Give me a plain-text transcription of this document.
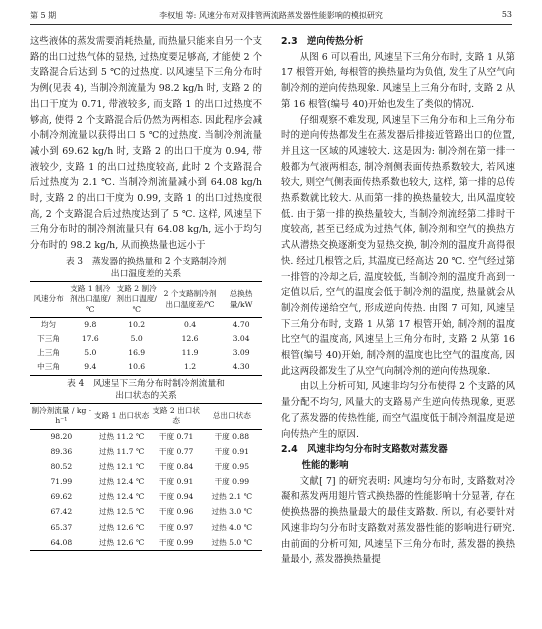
第 5 期	李权旭 等: 风速分布对双排管两流路蒸发器性能影响的模拟研究	53

这些液体的蒸发需要消耗热量, 而热量只能来自另一个支路的出口过热气体的显热, 过热度要足够高, 才能使 2 个支路混合后达到 5 ℃的过热度. 以风速呈下三角分布时为例(见表 4), 当制冷剂流量为 98.2 kg/h 时, 支路 2 的出口干度为 0.71, 带液较多, 而支路 1 的出口过热度不够高, 使得 2 个支路混合后仍然为两相态. 因此程序会减小制冷剂流量以获得出口 5 ℃的过热度. 当制冷剂流量减小到 69.62 kg/h 时, 支路 2 的出口干度为 0.94, 带液较少, 支路 1 的出口过热度较高, 此时 2 个支路混合后过热度为 2.1 ℃. 当制冷剂流量减小到 64.08 kg/h 时, 支路 2 的出口干度为 0.99, 支路 1 的出口过热度很高, 2 个支路混合后过热度达到了 5 ℃. 这样, 风速呈下三角分布时的制冷剂流量只有 64.08 kg/h, 远小于均匀分布时的 98.2 kg/h, 从而换热量也远小于

表 3　蒸发器的换热量和 2 个支路制冷剂
出口温度差的关系
风速分布	支路 1 制冷剂出口温度/℃	支路 2 制冷剂出口温度/℃	2 个支路制冷剂出口温度差/℃	总换热量/kW
均匀	9.8	10.2	0.4	4.70
下三角	17.6	5.0	12.6	3.04
上三角	5.0	16.9	11.9	3.09
中三角	9.4	10.6	1.2	4.30
表 4　风速呈下三角分布时制冷剂流量和
出口状态的关系
制冷剂流量 / kg · h⁻¹	支路 1 出口状态	支路 2 出口状态	总出口状态
98.20	过热 11.2 ℃	干度 0.71	干度 0.88
89.36	过热 11.7 ℃	干度 0.77	干度 0.91
80.52	过热 12.1 ℃	干度 0.84	干度 0.95
71.99	过热 12.4 ℃	干度 0.91	干度 0.99
69.62	过热 12.4 ℃	干度 0.94	过热 2.1 ℃
67.42	过热 12.5 ℃	干度 0.96	过热 3.0 ℃
65.37	过热 12.6 ℃	干度 0.97	过热 4.0 ℃
64.08	过热 12.6 ℃	干度 0.99	过热 5.0 ℃

2.3　逆向传热分析

从图 6 可以看出, 风速呈下三角分布时, 支路 1 从第 17 根管开始, 每根管的换热量均为负值, 发生了从空气向制冷剂的逆向传热现象. 风速呈上三角分布时, 支路 2 从第 16 根管(编号 40)开始也发生了类似的情况.

仔细观察不难发现, 风速呈下三角分布和上三角分布时的逆向传热都发生在蒸发器后排接近管路出口的位置, 并且这一区域的风速较大. 这是因为: 制冷剂在第一排一般都为气液两相态, 制冷剂侧表面传热系数较大, 若风速较大, 则空气侧表面传热系数也较大, 这样, 第一排的总传热系数就比较大. 从而第一排的换热量较大, 出风温度较低. 由于第一排的换热量较大, 当制冷剂流经第二排时干度较高, 甚至已经成为过热气体, 制冷剂和空气的换热方式从潜热交换逐渐变为显热交换, 制冷剂的温度升高得很快. 经过几根管之后, 其温度已经高达 20 ℃. 空气经过第一排管的冷却之后, 温度较低, 当制冷剂的温度升高到一定值以后, 空气的温度会低于制冷剂的温度, 热量就会从制冷剂传递给空气, 形成逆向传热. 由图 7 可知, 风速呈下三角分布时, 支路 1 从第 17 根管开始, 制冷剂的温度比空气的温度高, 风速呈上三角分布时, 支路 2 从第 16 根管(编号 40)开始, 制冷剂的温度也比空气的温度高, 因此这两段都发生了从空气向制冷剂的逆向传热现象.

由以上分析可知, 风速非均匀分布使得 2 个支路的风量分配不均匀, 风量大的支路易产生逆向传热现象, 更恶化了蒸发器的传热性能, 而空气温度低于制冷剂温度是逆向传热产生的原因.

2.4　风速非均匀分布时支路数对蒸发器

性能的影响

文献[ 7] 的研究表明: 风速均匀分布时, 支路数对冷凝和蒸发两用翅片管式换热器的性能影响十分显著, 存在使换热器的换热量最大的最佳支路数. 所以, 有必要针对风速非均匀分布时支路数对蒸发器性能的影响进行研究. 由前面的分析可知, 风速呈下三角分布时, 蒸发器的换热量最小, 蒸发器换热量提
